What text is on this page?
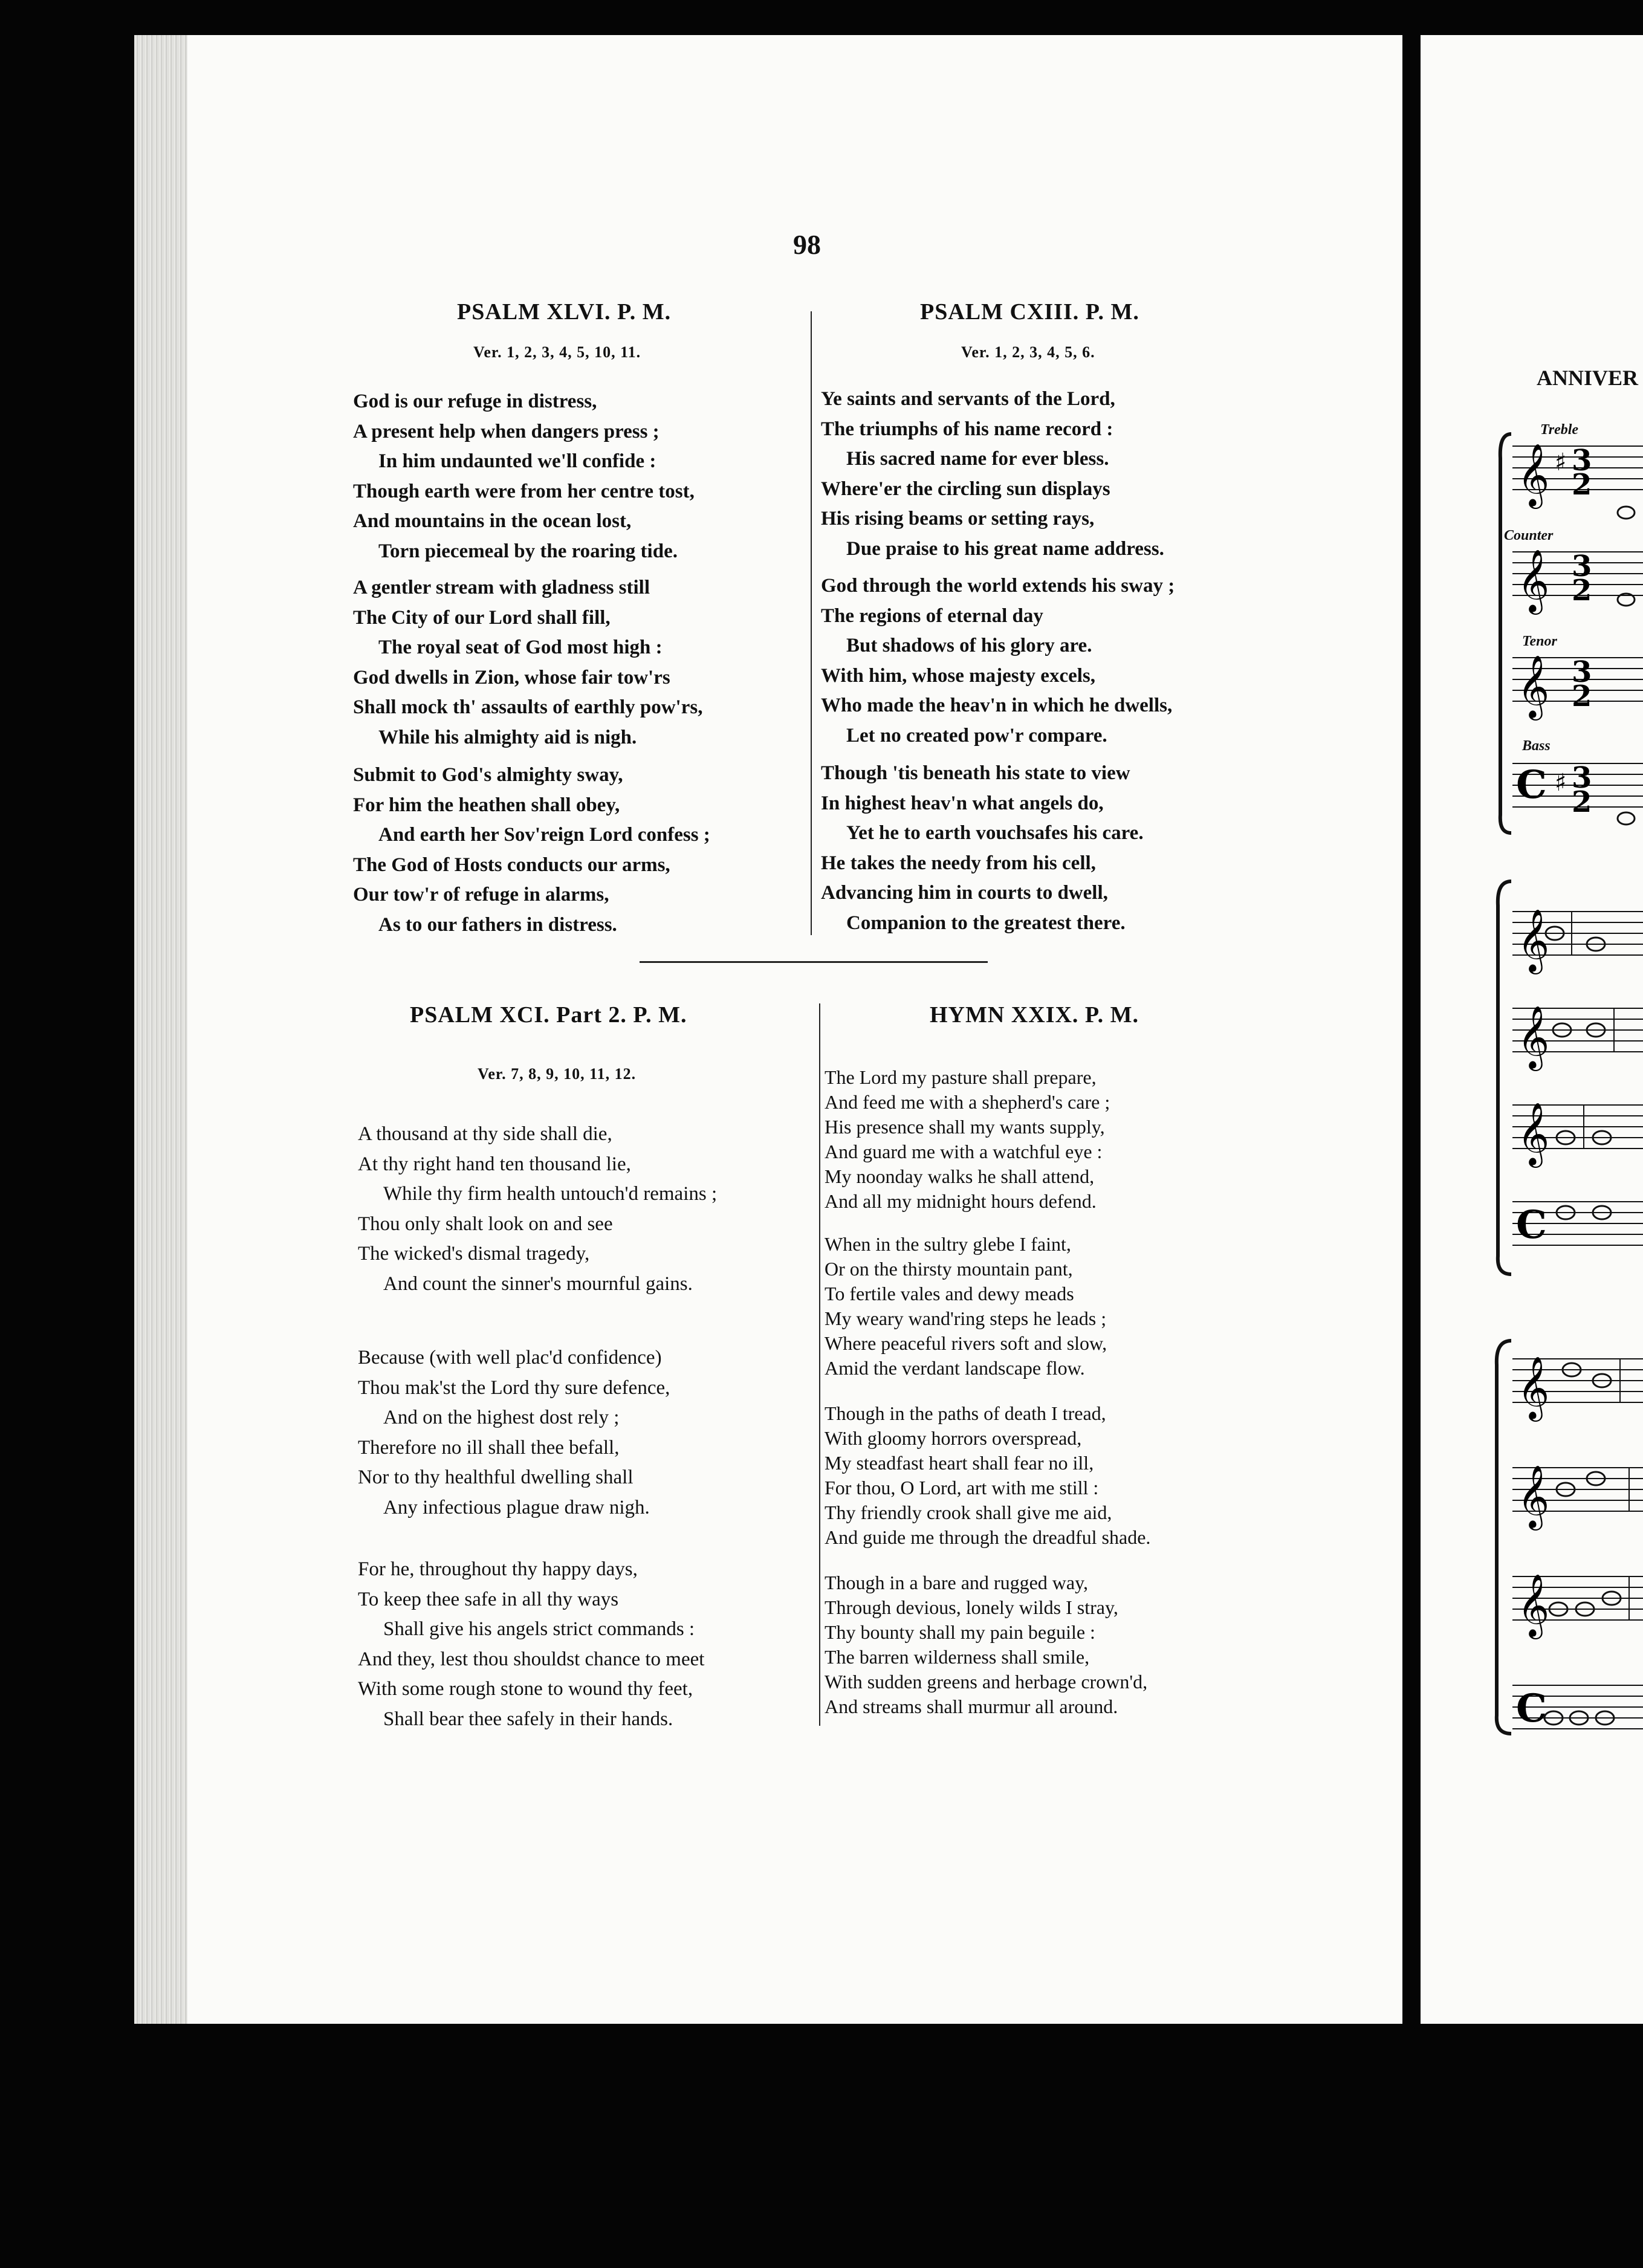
ANNIVER
Treble
Counter
Tenor
Bass
𝄞
𝄞
𝄞
C
3
2
3
2
3
2
3
2
♯
♯
𝄞
𝄞
𝄞
C
𝄞
𝄞
𝄞
C
98
PSALM XLVI. P. M.
Ver. 1, 2, 3, 4, 5, 10, 11.
God is our refuge in distress,
A present help when dangers press ;
In him undaunted we'll confide :
Though earth were from her centre tost,
And mountains in the ocean lost,
Torn piecemeal by the roaring tide.
A gentler stream with gladness still
The City of our Lord shall fill,
The royal seat of God most high :
God dwells in Zion, whose fair tow'rs
Shall mock th' assaults of earthly pow'rs,
While his almighty aid is nigh.
Submit to God's almighty sway,
For him the heathen shall obey,
And earth her Sov'reign Lord confess ;
The God of Hosts conducts our arms,
Our tow'r of refuge in alarms,
As to our fathers in distress.
PSALM CXIII. P. M.
Ver. 1, 2, 3, 4, 5, 6.
Ye saints and servants of the Lord,
The triumphs of his name record :
His sacred name for ever bless.
Where'er the circling sun displays
His rising beams or setting rays,
Due praise to his great name address.
God through the world extends his sway ;
The regions of eternal day
But shadows of his glory are.
With him, whose majesty excels,
Who made the heav'n in which he dwells,
Let no created pow'r compare.
Though 'tis beneath his state to view
In highest heav'n what angels do,
Yet he to earth vouchsafes his care.
He takes the needy from his cell,
Advancing him in courts to dwell,
Companion to the greatest there.
PSALM XCI. Part 2. P. M.
Ver. 7, 8, 9, 10, 11, 12.
A thousand at thy side shall die,
At thy right hand ten thousand lie,
While thy firm health untouch'd remains ;
Thou only shalt look on and see
The wicked's dismal tragedy,
And count the sinner's mournful gains.
Because (with well plac'd confidence)
Thou mak'st the Lord thy sure defence,
And on the highest dost rely ;
Therefore no ill shall thee befall,
Nor to thy healthful dwelling shall
Any infectious plague draw nigh.
For he, throughout thy happy days,
To keep thee safe in all thy ways
Shall give his angels strict commands :
And they, lest thou shouldst chance to meet
With some rough stone to wound thy feet,
Shall bear thee safely in their hands.
HYMN XXIX. P. M.
The Lord my pasture shall prepare,
And feed me with a shepherd's care ;
His presence shall my wants supply,
And guard me with a watchful eye :
My noonday walks he shall attend,
And all my midnight hours defend.
When in the sultry glebe I faint,
Or on the thirsty mountain pant,
To fertile vales and dewy meads
My weary wand'ring steps he leads ;
Where peaceful rivers soft and slow,
Amid the verdant landscape flow.
Though in the paths of death I tread,
With gloomy horrors overspread,
My steadfast heart shall fear no ill,
For thou, O Lord, art with me still :
Thy friendly crook shall give me aid,
And guide me through the dreadful shade.
Though in a bare and rugged way,
Through devious, lonely wilds I stray,
Thy bounty shall my pain beguile :
The barren wilderness shall smile,
With sudden greens and herbage crown'd,
And streams shall murmur all around.
